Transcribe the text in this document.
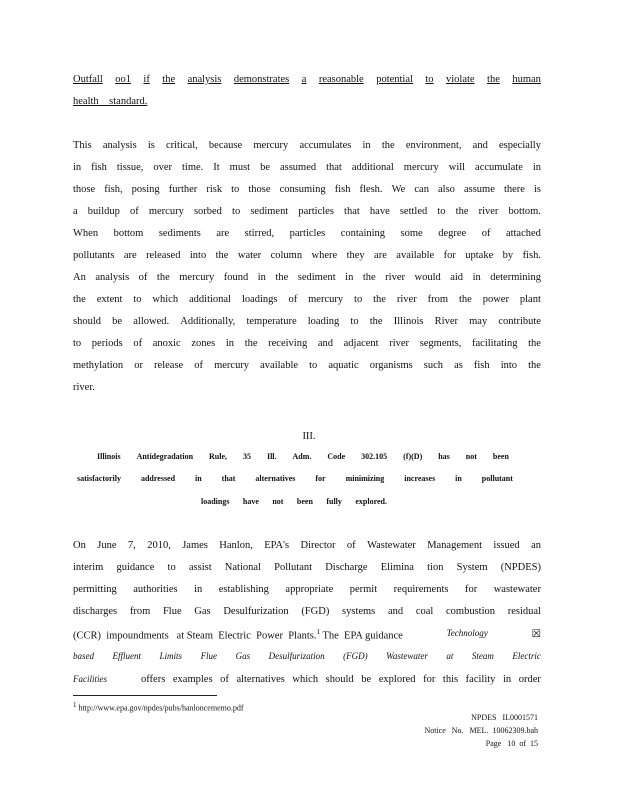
Outfall oo1 if the analysis demonstrates a reasonable potential to violate the human
health    standard.
This analysis is critical, because mercury accumulates in the environment, and especially
in fish tissue, over time. It must be assumed that additional mercury will accumulate in
those fish, posing further risk to those consuming fish flesh. We can also assume there is
a buildup of mercury sorbed to sediment particles that have settled to the river bottom.
When bottom sediments are stirred, particles containing some degree of attached
pollutants are released into the water column where they are available for uptake by fish.
An analysis of the mercury found in the sediment in the river would aid in determining
the extent to which additional loadings of mercury to the river from the power plant
should be allowed. Additionally, temperature loading to the Illinois River may contribute
to periods of anoxic zones in the receiving and adjacent river segments, facilitating the
methylation or release of mercury available to aquatic organisms such as fish into the
river.
III.
Illinois Antidegradation Rule, 35 Ill. Adm. Code 302.105 (f)(D) has not been
satisfactorily addressed in that alternatives for minimizing increases in pollutant
loadings have not been fully explored.
On June 7, 2010, James Hanlon, EPA's Director of Wastewater Management issued an
interim guidance to assist National Pollutant Discharge Elimina tion System (NPDES)
permitting authorities in establishing appropriate permit requirements for wastewater
discharges from Flue Gas Desulfurization (FGD) systems and coal combustion residual
(CCR)  impoundments   at Steam  Electric  Power  Plants.$^1$ The  EPA guidance	Technology	☒
based Effluent Limits Flue Gas Desulfurization (FGD) Wastewater at Steam Electric
Facilities	offers examples of alternatives which should be explored for this facility in order
$^1$ http://www.epa.gov/npdes/pubs/hanloncememo.pdf
NPDES   IL0001571
Notice   No.   MEL.  10062309.bah
Page   10  of  15
